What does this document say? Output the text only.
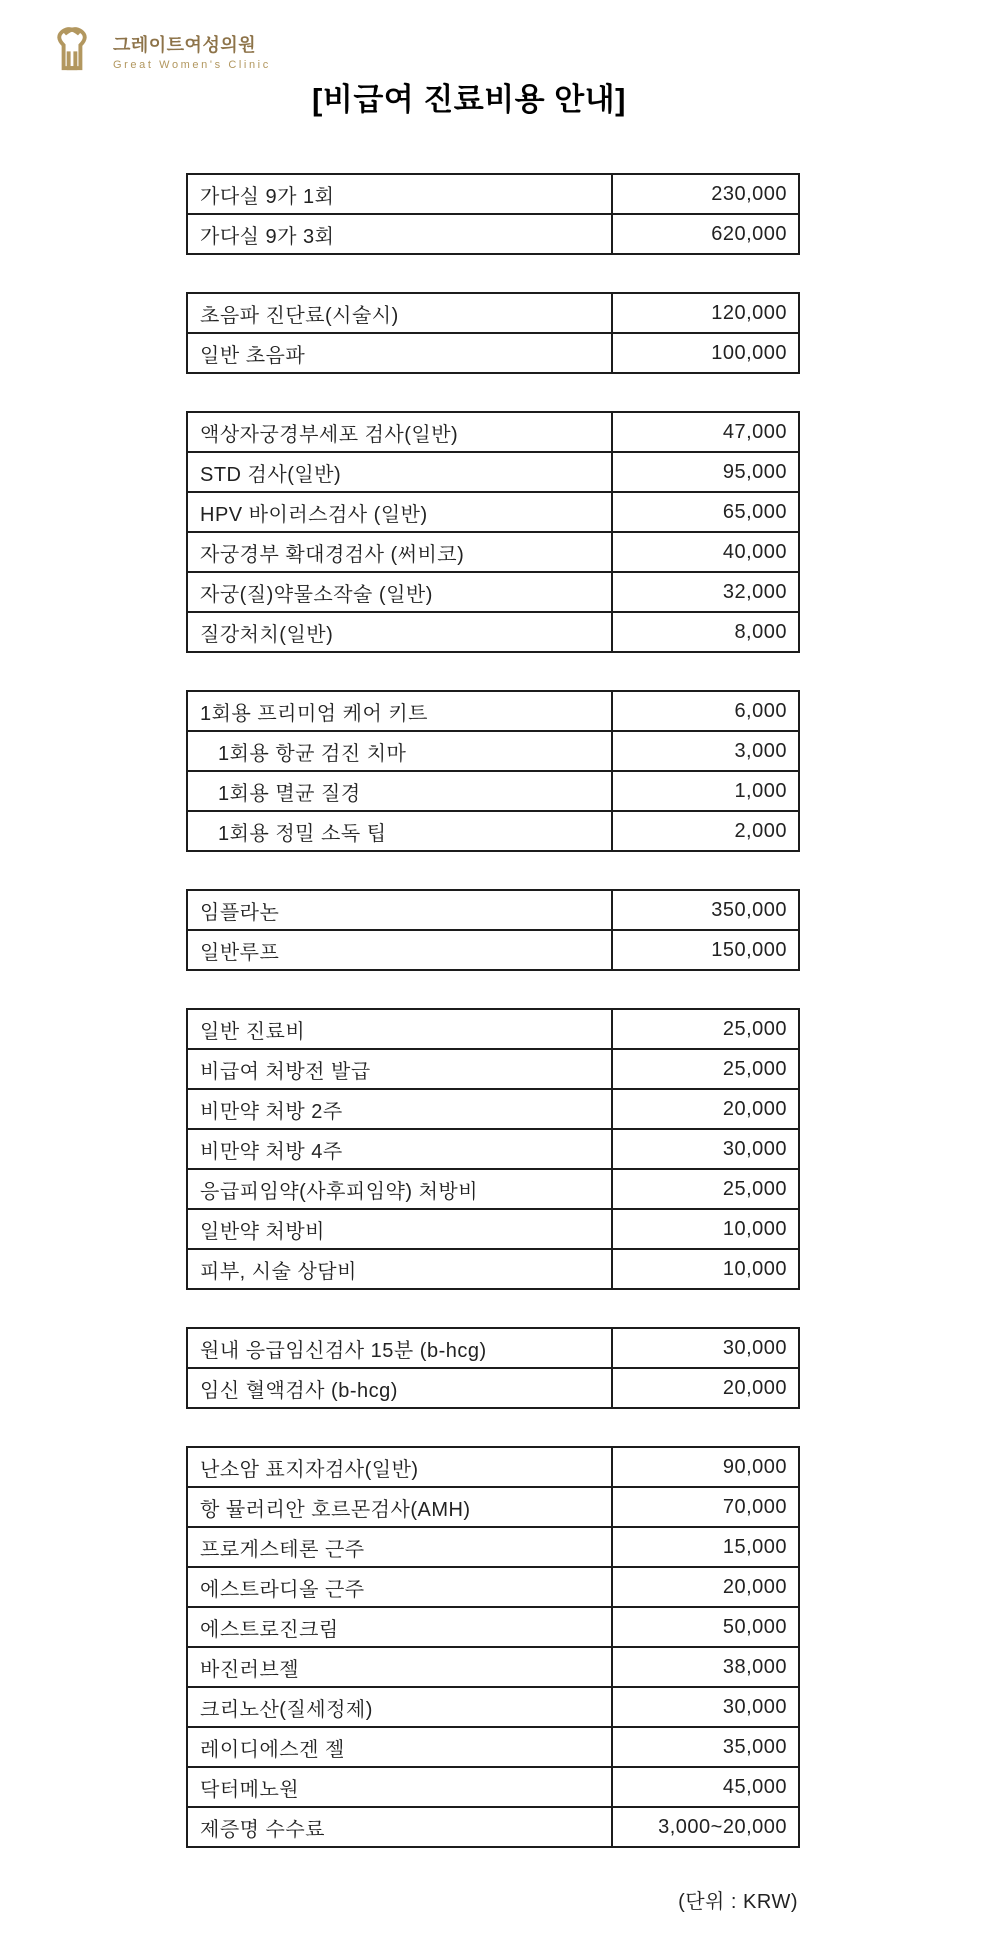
그레이트여성의원
Great Women's Clinic
[비급여 진료비용 안내]
가다실 9가 1회	230,000
가다실 9가 3회	620,000
초음파 진단료(시술시)	120,000
일반 초음파	100,000
액상자궁경부세포 검사(일반)	47,000
STD 검사(일반)	95,000
HPV 바이러스검사 (일반)	65,000
자궁경부 확대경검사 (써비코)	40,000
자궁(질)약물소작술 (일반)	32,000
질강처치(일반)	8,000
1회용 프리미엄 케어 키트	6,000
1회용 항균 검진 치마	3,000
1회용 멸균 질경	1,000
1회용 정밀 소독 팁	2,000
임플라논	350,000
일반루프	150,000
일반 진료비	25,000
비급여 처방전 발급	25,000
비만약 처방 2주	20,000
비만약 처방 4주	30,000
응급피임약(사후피임약) 처방비	25,000
일반약 처방비	10,000
피부, 시술 상담비	10,000
원내 응급임신검사 15분 (b-hcg)	30,000
임신 혈액검사 (b-hcg)	20,000
난소암 표지자검사(일반)	90,000
항 뮬러리안 호르몬검사(AMH)	70,000
프로게스테론 근주	15,000
에스트라디올 근주	20,000
에스트로진크림	50,000
바진러브젤	38,000
크리노산(질세정제)	30,000
레이디에스겐 젤	35,000
닥터메노원	45,000
제증명 수수료	3,000~20,000
(단위 : KRW)
